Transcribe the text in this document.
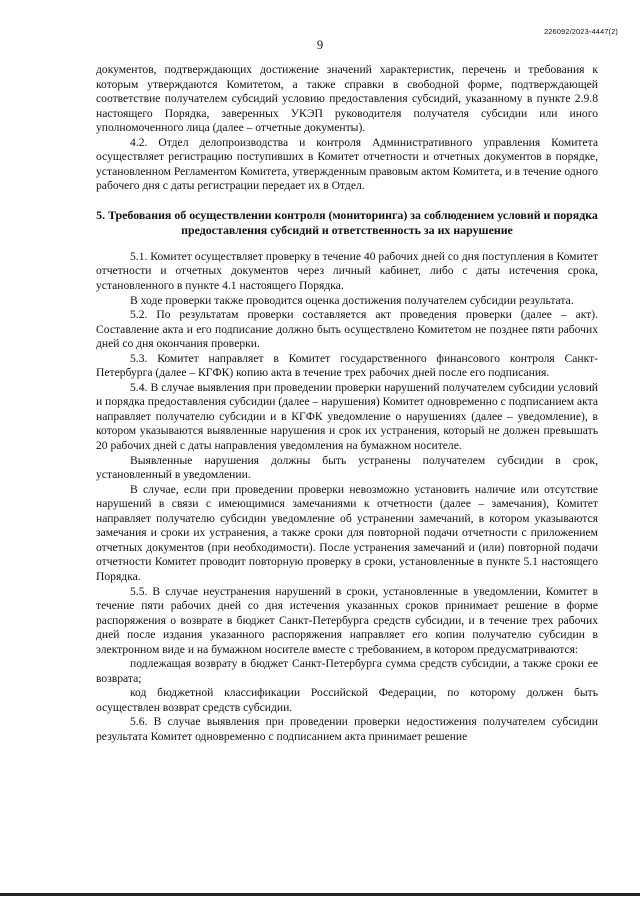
226092/2023-4447(2)
9

документов, подтверждающих достижение значений характеристик, перечень и требования к которым утверждаются Комитетом, а также справки в свободной форме, подтверждающей соответствие получателем субсидий условию предоставления субсидий, указанному в пункте 2.9.8 настоящего Порядка, заверенных УКЭП руководителя получателя субсидии или иного уполномоченного лица (далее – отчетные документы).

4.2. Отдел делопроизводства и контроля Административного управления Комитета осуществляет регистрацию поступивших в Комитет отчетности и отчетных документов в порядке, установленном Регламентом Комитета, утвержденным правовым актом Комитета, и в течение одного рабочего дня с даты регистрации передает их в Отдел.

5. Требования об осуществлении контроля (мониторинга) за соблюдением условий и порядка предоставления субсидий и ответственность за их нарушение

5.1. Комитет осуществляет проверку в течение 40 рабочих дней со дня поступления в Комитет отчетности и отчетных документов через личный кабинет, либо с даты истечения срока, установленного в пункте 4.1 настоящего Порядка.

В ходе проверки также проводится оценка достижения получателем субсидии результата.

5.2. По результатам проверки составляется акт проведения проверки (далее – акт). Составление акта и его подписание должно быть осуществлено Комитетом не позднее пяти рабочих дней со дня окончания проверки.

5.3. Комитет направляет в Комитет государственного финансового контроля Санкт-Петербурга (далее – КГФК) копию акта в течение трех рабочих дней после его подписания.

5.4. В случае выявления при проведении проверки нарушений получателем субсидии условий и порядка предоставления субсидии (далее – нарушения) Комитет одновременно с подписанием акта направляет получателю субсидии и в КГФК уведомление о нарушениях (далее – уведомление), в котором указываются выявленные нарушения и срок их устранения, который не должен превышать 20 рабочих дней с даты направления уведомления на бумажном носителе.

Выявленные нарушения должны быть устранены получателем субсидии в срок, установленный в уведомлении.

В случае, если при проведении проверки невозможно установить наличие или отсутствие нарушений в связи с имеющимися замечаниями к отчетности (далее – замечания), Комитет направляет получателю субсидии уведомление об устранении замечаний, в котором указываются замечания и сроки их устранения, а также сроки для повторной подачи отчетности с приложением отчетных документов (при необходимости). После устранения замечаний и (или) повторной подачи отчетности Комитет проводит повторную проверку в сроки, установленные в пункте 5.1 настоящего Порядка.

5.5. В случае неустранения нарушений в сроки, установленные в уведомлении, Комитет в течение пяти рабочих дней со дня истечения указанных сроков принимает решение в форме распоряжения о возврате в бюджет Санкт-Петербурга средств субсидии, и в течение трех рабочих дней после издания указанного распоряжения направляет его копии получателю субсидии в электронном виде и на бумажном носителе вместе с требованием, в котором предусматриваются:

подлежащая возврату в бюджет Санкт-Петербурга сумма средств субсидии, а также сроки ее возврата;

код бюджетной классификации Российской Федерации, по которому должен быть осуществлен возврат средств субсидии.

5.6. В случае выявления при проведении проверки недостижения получателем субсидии результата Комитет одновременно с подписанием акта принимает решение
